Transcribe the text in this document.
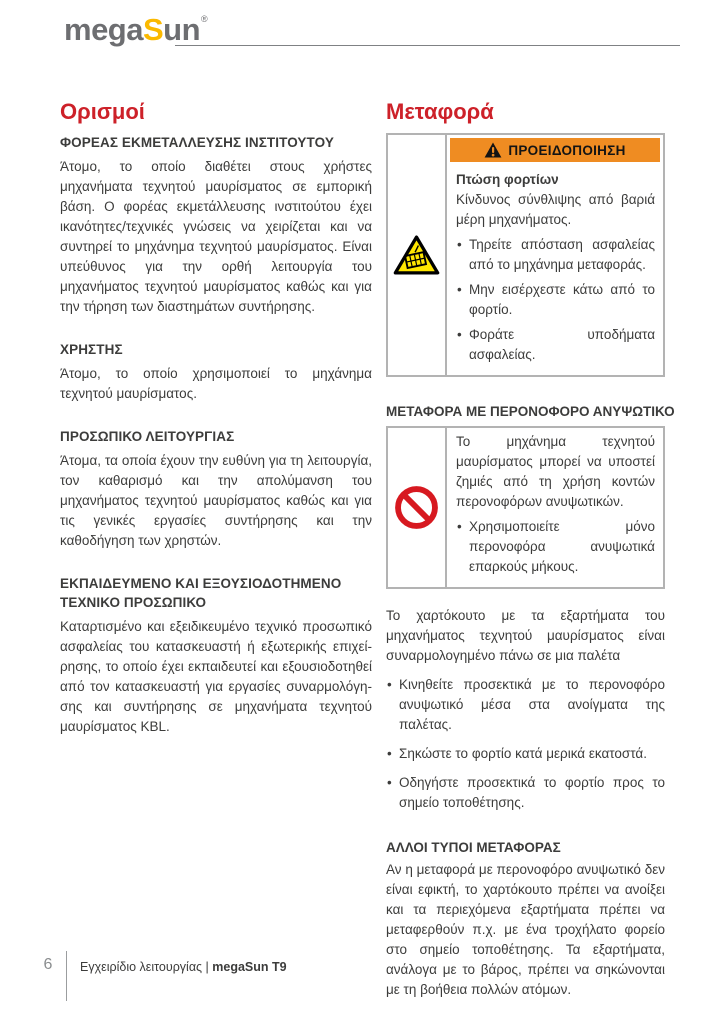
megaSun®
Ορισμοί
ΦΟΡΕΑΣ ΕΚΜΕΤΑΛΛΕΥΣΗΣ ΙΝΣΤΙΤΟΥΤΟΥ

Άτομο, το οποίο διαθέτει στους χρήστες μηχανήματα τεχνητού μαυρίσματος σε εμπορική βάση. Ο φορέας εκμετάλλευσης ινστιτούτου έχει ικανότητες/τεχνικές γνώσεις να χειρίζεται και να συντηρεί το μηχάνημα τεχνητού μαυρίσματος. Είναι υπεύθυνος για την ορθή λειτουργία του μηχανήματος τεχνητού μαυρίσματος καθώς και για την τήρηση των διαστημάτων συντήρησης.

ΧΡΗΣΤΗΣ

Άτομο, το οποίο χρησιμοποιεί το μηχάνημα τεχνητού μαυρίσματος.

ΠΡΟΣΩΠΙΚΟ ΛΕΙΤΟΥΡΓΙΑΣ

Άτομα, τα οποία έχουν την ευθύνη για τη λειτουργία, τον καθαρισμό και την απολύμανση του μηχανήματος τεχνητού μαυρίσματος καθώς και για τις γενικές εργασίες συντήρησης και την καθοδήγηση των χρηστών.

ΕΚΠΑΙΔΕΥΜΕΝΟ ΚΑΙ ΕΞΟΥΣΙΟΔΟΤΗΜΕΝΟ ΤΕΧΝΙΚΟ ΠΡΟΣΩΠΙΚΟ

Καταρτισμένο και εξειδικευμένο τεχνικό προσωπικό ασφαλείας του κατασκευαστή ή εξωτερικής επιχείρησης, το οποίο έχει εκπαιδευτεί και εξουσιοδοτηθεί από τον κατασκευαστή για εργασίες συναρμολόγησης και συντήρησης σε μηχανήματα τεχνητού μαυρίσματος KBL.

Μεταφορά
ΠΡΟΕΙΔΟΠΟΙΗΣΗ

Πτώση φορτίων

Κίνδυνος σύνθλιψης από βαριά μέρη μηχανήματος.

• Τηρείτε απόσταση ασφαλείας από το μηχάνημα μεταφοράς.
• Μην εισέρχεστε κάτω από το φορτίο.
• Φοράτε υποδήματα ασφαλείας.
ΜΕΤΑΦΟΡΑ ΜΕ ΠΕΡΟΝΟΦΟΡΟ ΑΝΥΨΩΤΙΚΟ

Το μηχάνημα τεχνητού μαυρίσματος μπορεί να υποστεί ζημιές από τη χρήση κοντών περονοφόρων ανυψωτικών.

• Χρησιμοποιείτε μόνο περονοφόρα ανυψωτικά επαρκούς μήκους.

Το χαρτόκουτο με τα εξαρτήματα του μηχανήματος τεχνητού μαυρίσματος είναι συναρμολογημένο πάνω σε μια παλέτα

• Κινηθείτε προσεκτικά με το περονοφόρο ανυψωτικό μέσα στα ανοίγματα της παλέτας.
• Σηκώστε το φορτίο κατά μερικά εκατοστά.
• Οδηγήστε προσεκτικά το φορτίο προς το σημείο τοποθέτησης.
ΑΛΛΟΙ ΤΥΠΟΙ ΜΕΤΑΦΟΡΑΣ

Αν η μεταφορά με περονοφόρο ανυψωτικό δεν είναι εφικτή, το χαρτόκουτο πρέπει να ανοίξει και τα περιεχόμενα εξαρτήματα πρέπει να μεταφερθούν π.χ. με ένα τροχήλατο φορείο στο σημείο τοποθέτησης. Τα εξαρτήματα, ανάλογα με το βάρος, πρέπει να σηκώνονται με τη βοήθεια πολλών ατόμων.

6	Εγχειρίδιο λειτουργίας | megaSun T9
